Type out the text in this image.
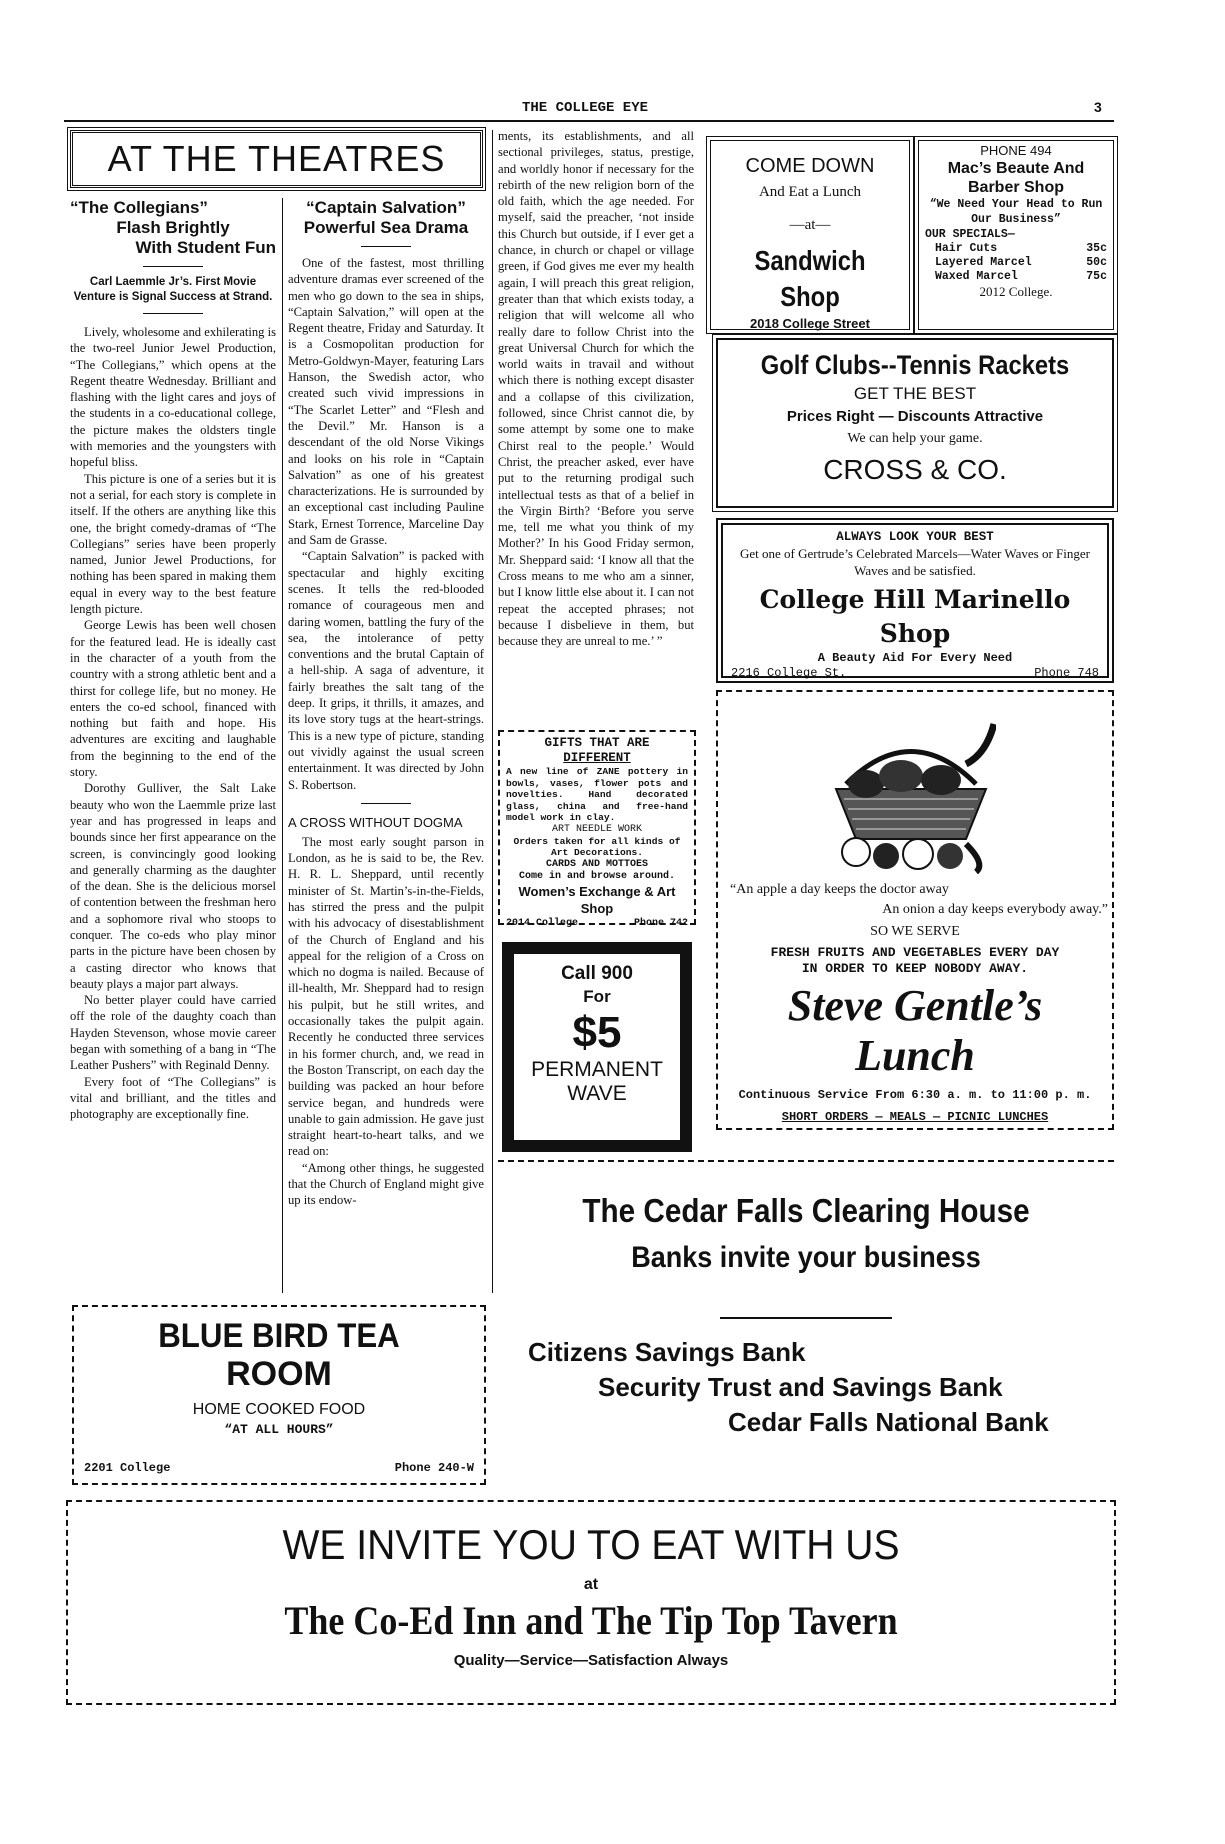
THE COLLEGE EYE	3
AT THE THEATRES
“The Collegians”
Flash Brightly
With Student Fun
Carl Laemmle Jr’s. First Movie Venture is Signal Success at Strand.

Lively, wholesome and exhilerating is the two-reel Junior Jewel Production, “The Collegians,” which opens at the Regent theatre Wednesday. Brilliant and flashing with the light cares and joys of the students in a co-educational college, the picture makes the oldsters tingle with memories and the youngsters with hopeful bliss.

This picture is one of a series but it is not a serial, for each story is complete in itself. If the others are anything like this one, the bright comedy-dramas of “The Collegians” series have been properly named, Junior Jewel Productions, for nothing has been spared in making them equal in every way to the best feature length picture.

George Lewis has been well chosen for the featured lead. He is ideally cast in the character of a youth from the country with a strong athletic bent and a thirst for college life, but no money. He enters the co-ed school, financed with nothing but faith and hope. His adventures are exciting and laughable from the beginning to the end of the story.

Dorothy Gulliver, the Salt Lake beauty who won the Laemmle prize last year and has progressed in leaps and bounds since her first appearance on the screen, is convincingly good looking and generally charming as the daughter of the dean. She is the delicious morsel of contention between the freshman hero and a sophomore rival who stoops to conquer. The co-eds who play minor parts in the picture have been chosen by a casting director who knows that beauty plays a major part always.

No better player could have carried off the role of the daughty coach than Hayden Stevenson, whose movie career began with something of a bang in “The Leather Pushers” with Reginald Denny.

Every foot of “The Collegians” is vital and brilliant, and the titles and photography are exceptionally fine.

“Captain Salvation”
Powerful Sea Drama

One of the fastest, most thrilling adventure dramas ever screened of the men who go down to the sea in ships, “Captain Salvation,” will open at the Regent theatre, Friday and Saturday. It is a Cosmopolitan production for Metro-Goldwyn-Mayer, featuring Lars Hanson, the Swedish actor, who created such vivid impressions in “The Scarlet Letter” and “Flesh and the Devil.” Mr. Hanson is a descendant of the old Norse Vikings and looks on his role in “Captain Salvation” as one of his greatest characterizations. He is surrounded by an exceptional cast including Pauline Stark, Ernest Torrence, Marceline Day and Sam de Grasse.

“Captain Salvation” is packed with spectacular and highly exciting scenes. It tells the red-blooded romance of courageous men and daring women, battling the fury of the sea, the intolerance of petty conventions and the brutal Captain of a hell-ship. A saga of adventure, it fairly breathes the salt tang of the deep. It grips, it thrills, it amazes, and its love story tugs at the heart-strings. This is a new type of picture, standing out vividly against the usual screen entertainment. It was directed by John S. Robertson.

A CROSS WITHOUT DOGMA

The most early sought parson in London, as he is said to be, the Rev. H. R. L. Sheppard, until recently minister of St. Martin’s-in-the-Fields, has stirred the press and the pulpit with his advocacy of disestablishment of the Church of England and his appeal for the religion of a Cross on which no dogma is nailed. Because of ill-health, Mr. Sheppard had to resign his pulpit, but he still writes, and occasionally takes the pulpit again. Recently he conducted three services in his former church, and, we read in the Boston Transcript, on each day the building was packed an hour before service began, and hundreds were unable to gain admission. He gave just straight heart-to-heart talks, and we read on:

“Among other things, he suggested that the Church of England might give up its endow-

ments, its establishments, and all sectional privileges, status, prestige, and worldly honor if necessary for the rebirth of the new religion born of the old faith, which the age needed. For myself, said the preacher, ‘not inside this Church but outside, if I ever get a chance, in church or chapel or village green, if God gives me ever my health again, I will preach this great religion, greater than that which exists today, a religion that will welcome all who really dare to follow Christ into the great Universal Church for which the world waits in travail and without which there is nothing except disaster and a collapse of this civilization, followed, since Christ cannot die, by some attempt by some one to make Chirst real to the people.’ Would Christ, the preacher asked, ever have put to the returning prodigal such intellectual tests as that of a belief in the Virgin Birth? ‘Before you serve me, tell me what you think of my Mother?’ In his Good Friday sermon, Mr. Sheppard said: ‘I know all that the Cross means to me who am a sinner, but I know little else about it. I can not repeat the accepted phrases; not because I disbelieve in them, but because they are unreal to me.’ ”

COME DOWN
And Eat a Lunch
—at—
Sandwich Shop
2018 College Street
PHONE 494
Mac’s Beaute And
Barber Shop
“We Need Your Head to Run Our Business”
OUR SPECIALS—
Hair Cuts	35c
Layered Marcel	50c
Waxed Marcel	75c
2012 College.
Golf Clubs--Tennis Rackets
GET THE BEST
Prices Right — Discounts Attractive
We can help your game.
CROSS & CO.
ALWAYS LOOK YOUR BEST
Get one of Gertrude’s Celebrated Marcels—Water Waves or Finger Waves and be satisfied.
College Hill Marinello Shop
A Beauty Aid For Every Need
2216 College St.	Phone 748
“An apple a day keeps the doctor away
An onion a day keeps everybody away.”
SO WE SERVE
FRESH FRUITS AND VEGETABLES EVERY DAY
IN ORDER TO KEEP NOBODY AWAY.
Steve Gentle’s
Lunch
Continuous Service From 6:30 a. m. to 11:00 p. m.
SHORT ORDERS — MEALS — PICNIC LUNCHES
GIFTS THAT ARE
DIFFERENT
A new line of ZANE pottery in bowls, vases, flower pots and novelties. Hand decorated glass, china and free-hand model work in clay.
ART NEEDLE WORK
Orders taken for all kinds of Art Decorations.
CARDS AND MOTTOES
Come in and browse around.
Women’s Exchange & Art Shop
2014 College	Phone 742
Call 900
For
$5
PERMANENT
WAVE
The Cedar Falls Clearing House
Banks invite your business
Citizens Savings Bank
Security Trust and Savings Bank
Cedar Falls National Bank
BLUE BIRD TEA
ROOM
HOME COOKED FOOD
“AT ALL HOURS”
2201 College	Phone 240-W
WE INVITE YOU TO EAT WITH US
at
The Co-Ed Inn and The Tip Top Tavern
Quality—Service—Satisfaction Always
